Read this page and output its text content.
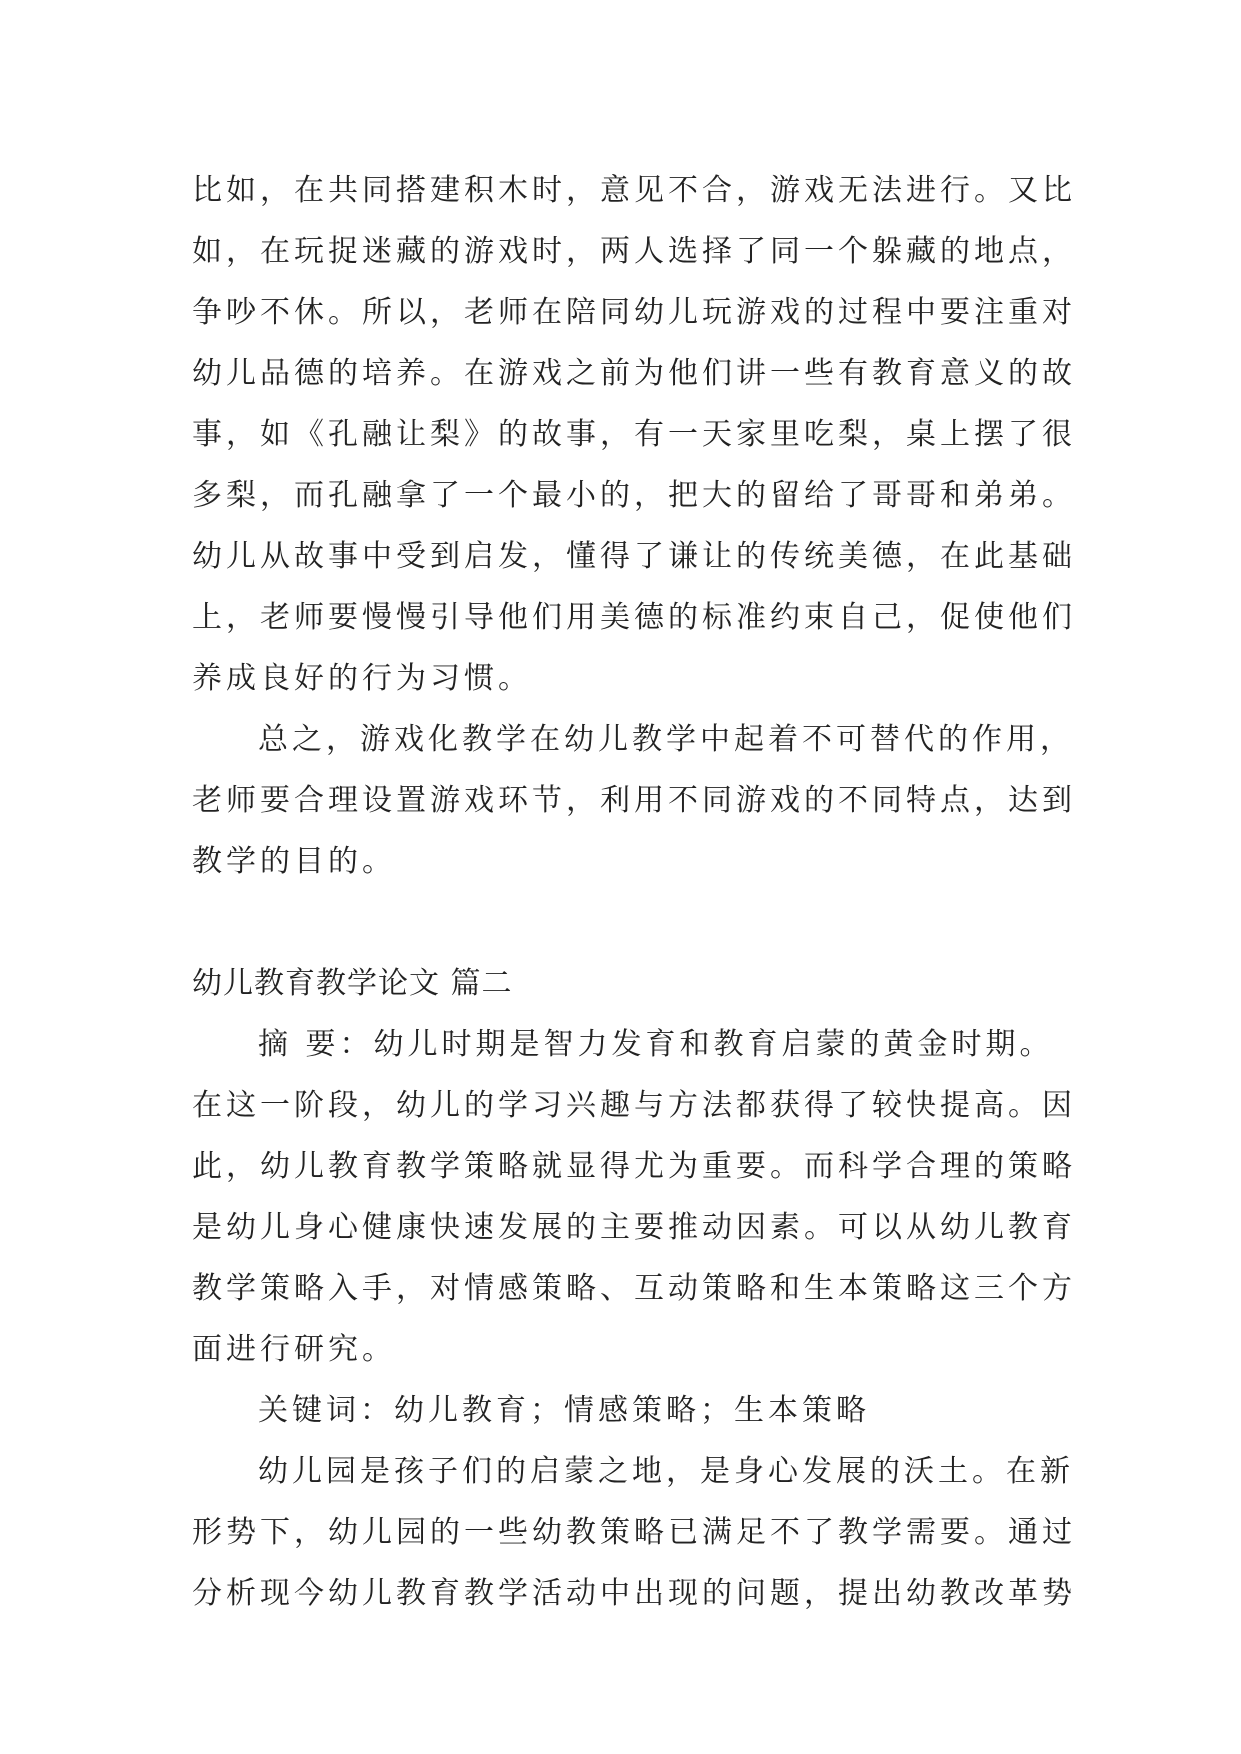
比如，在共同搭建积木时，意见不合，游戏无法进行。又比
如，在玩捉迷藏的游戏时，两人选择了同一个躲藏的地点，
争吵不休。所以，老师在陪同幼儿玩游戏的过程中要注重对
幼儿品德的培养。在游戏之前为他们讲一些有教育意义的故
事，如《孔融让梨》的故事，有一天家里吃梨，桌上摆了很
多梨，而孔融拿了一个最小的，把大的留给了哥哥和弟弟。
幼儿从故事中受到启发，懂得了谦让的传统美德，在此基础
上，老师要慢慢引导他们用美德的标准约束自己，促使他们
养成良好的行为习惯。
总之，游戏化教学在幼儿教学中起着不可替代的作用，
老师要合理设置游戏环节，利用不同游戏的不同特点，达到
教学的目的。
幼儿教育教学论文 篇二
摘 要：幼儿时期是智力发育和教育启蒙的黄金时期。
在这一阶段，幼儿的学习兴趣与方法都获得了较快提高。因
此，幼儿教育教学策略就显得尤为重要。而科学合理的策略
是幼儿身心健康快速发展的主要推动因素。可以从幼儿教育
教学策略入手，对情感策略、互动策略和生本策略这三个方
面进行研究。
关键词：幼儿教育；情感策略；生本策略
幼儿园是孩子们的启蒙之地，是身心发展的沃土。在新
形势下，幼儿园的一些幼教策略已满足不了教学需要。通过
分析现今幼儿教育教学活动中出现的问题，提出幼教改革势
